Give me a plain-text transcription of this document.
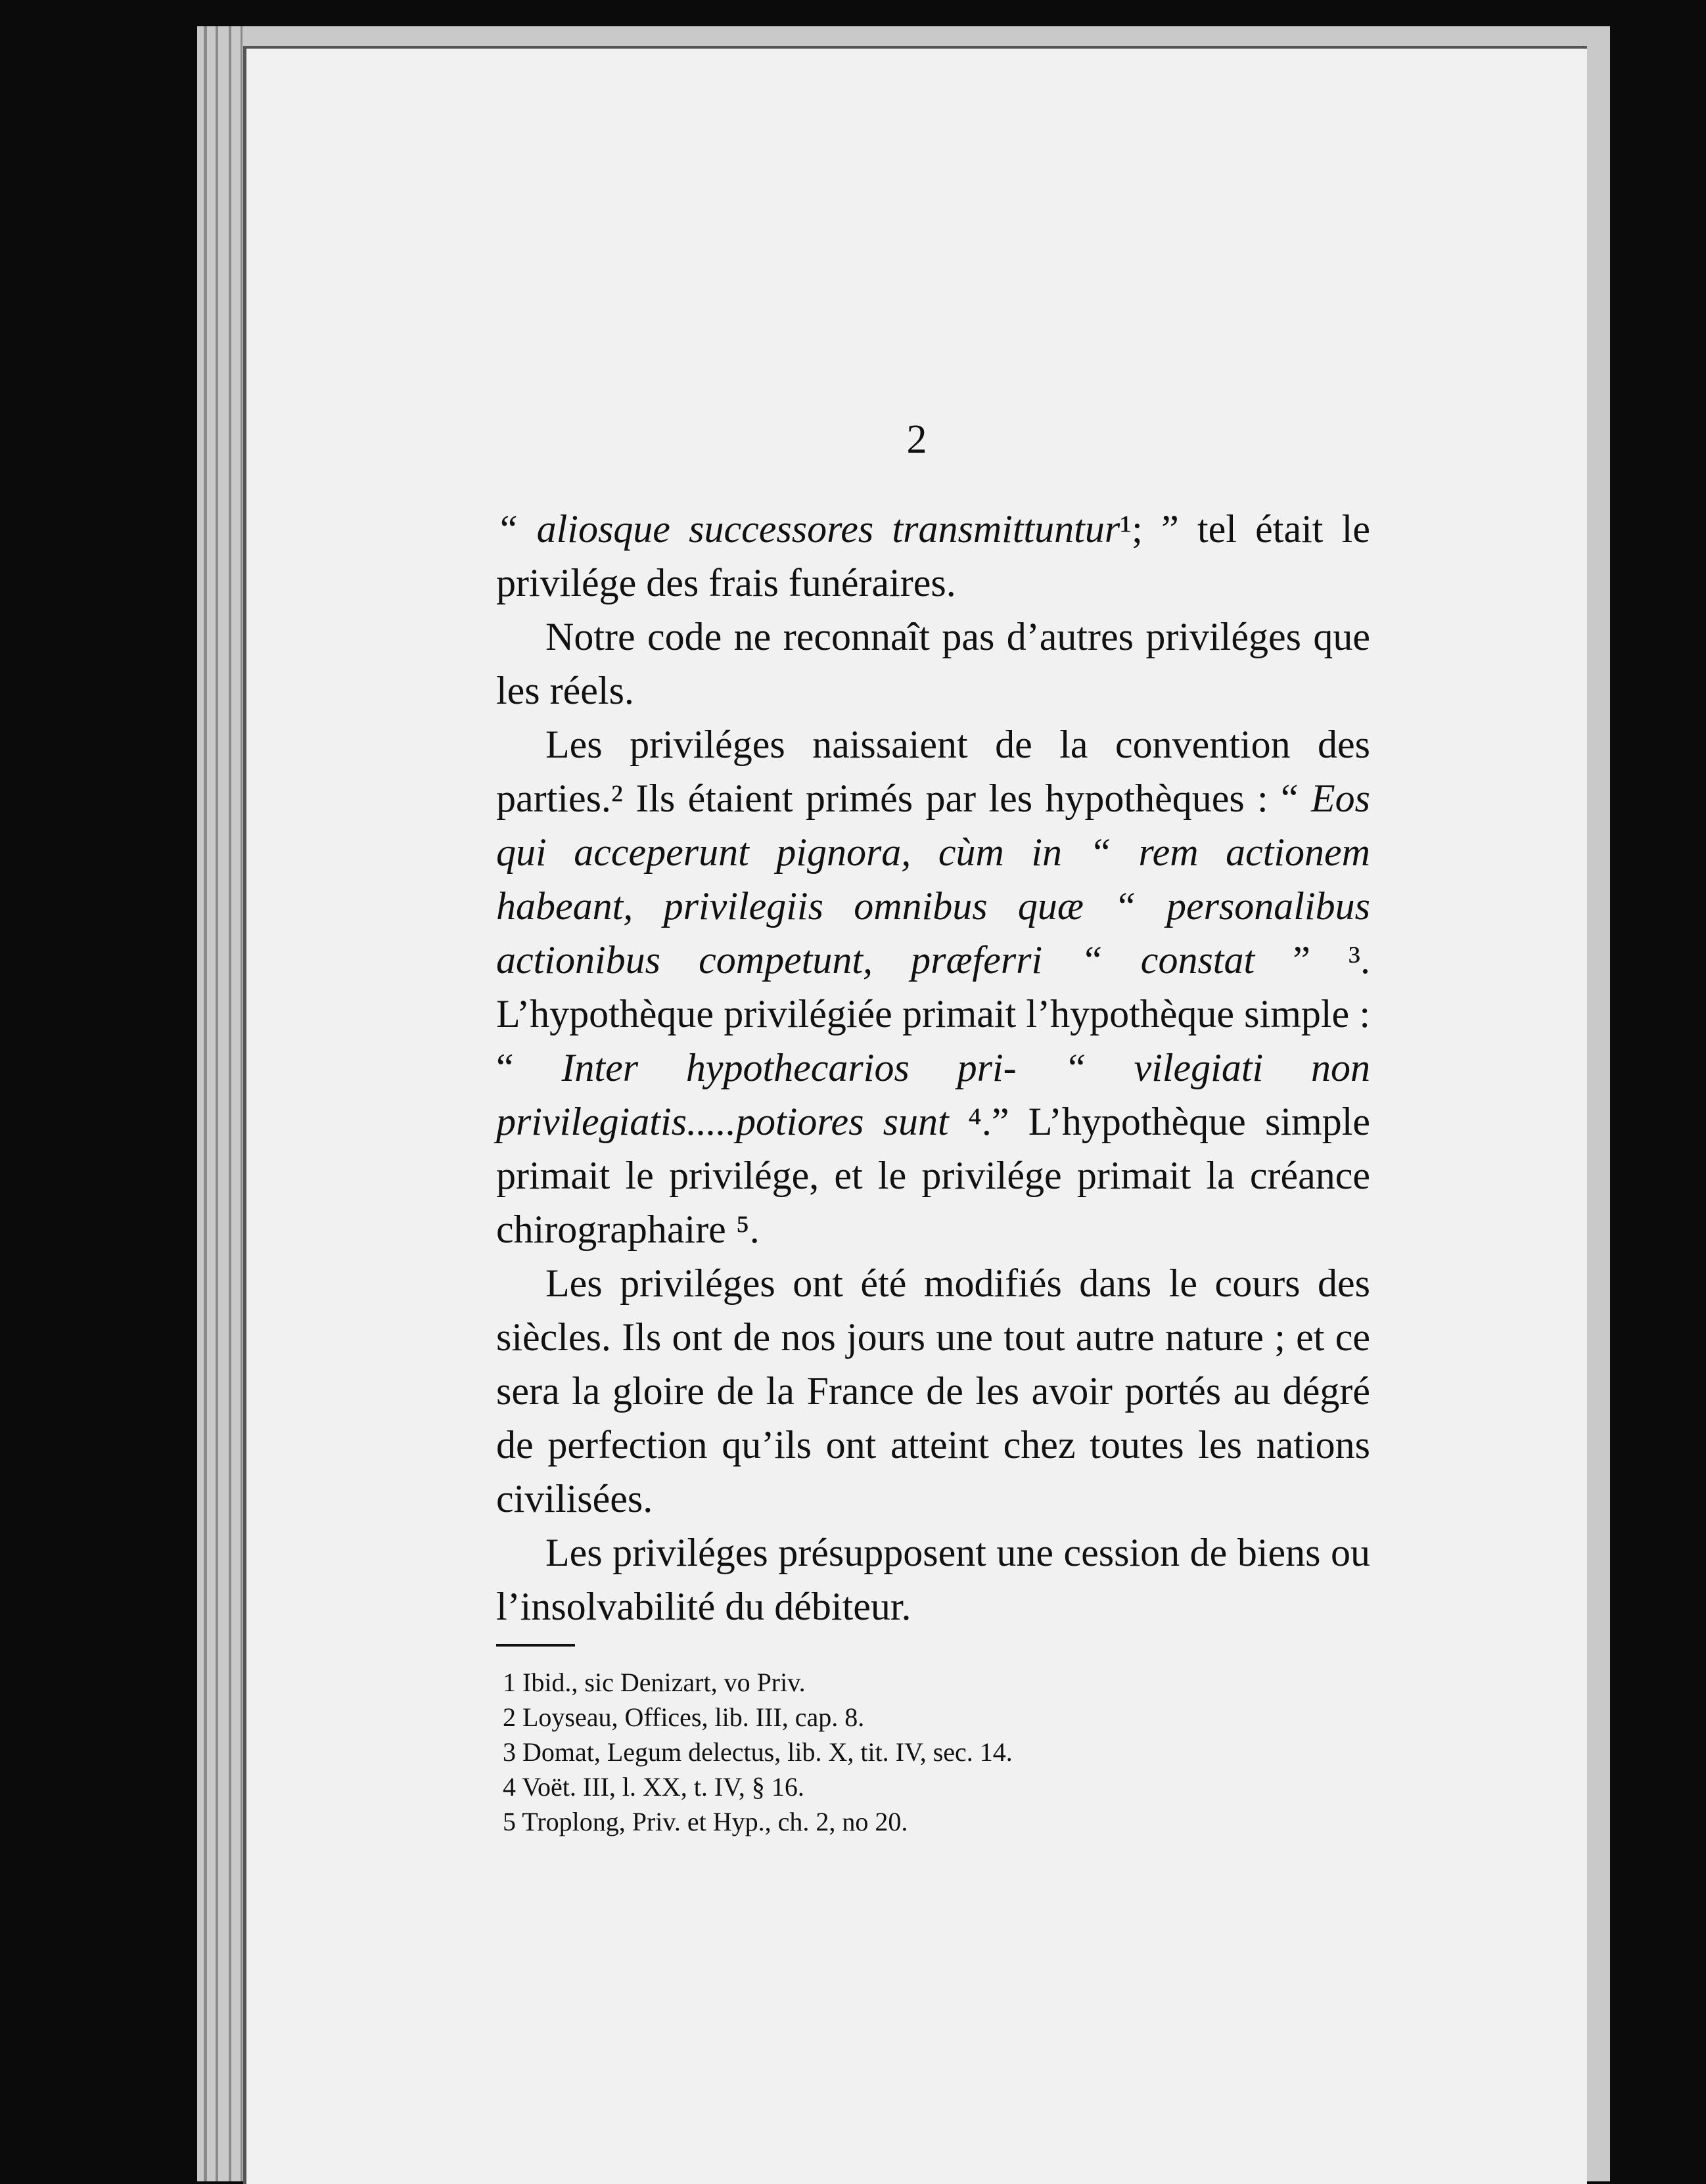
2

“ aliosque successores transmittuntur¹; ” tel était le privilége des frais funéraires.

Notre code ne reconnaît pas d’autres priviléges que les réels.

Les priviléges naissaient de la convention des parties.² Ils étaient primés par les hypothèques : “ Eos qui acceperunt pignora, cùm in “ rem actionem habeant, privilegiis omnibus quæ “ personalibus actionibus competunt, præferri “ constat ” ³. L’hypothèque privilégiée primait l’hypothèque simple : “ Inter hypothecarios pri- “ vilegiati non privilegiatis.....potiores sunt ⁴.” L’hypothèque simple primait le privilége, et le privilége primait la créance chirographaire ⁵.

Les priviléges ont été modifiés dans le cours des siècles. Ils ont de nos jours une tout autre nature ; et ce sera la gloire de la France de les avoir portés au dégré de perfection qu’ils ont atteint chez toutes les nations civilisées.

Les priviléges présupposent une cession de biens ou l’insolvabilité du débiteur.

1 Ibid., sic Denizart, vo Priv.
2 Loyseau, Offices, lib. III, cap. 8.
3 Domat, Legum delectus, lib. X, tit. IV, sec. 14.
4 Voët. III, l. XX, t. IV, § 16.
5 Troplong, Priv. et Hyp., ch. 2, no 20.
